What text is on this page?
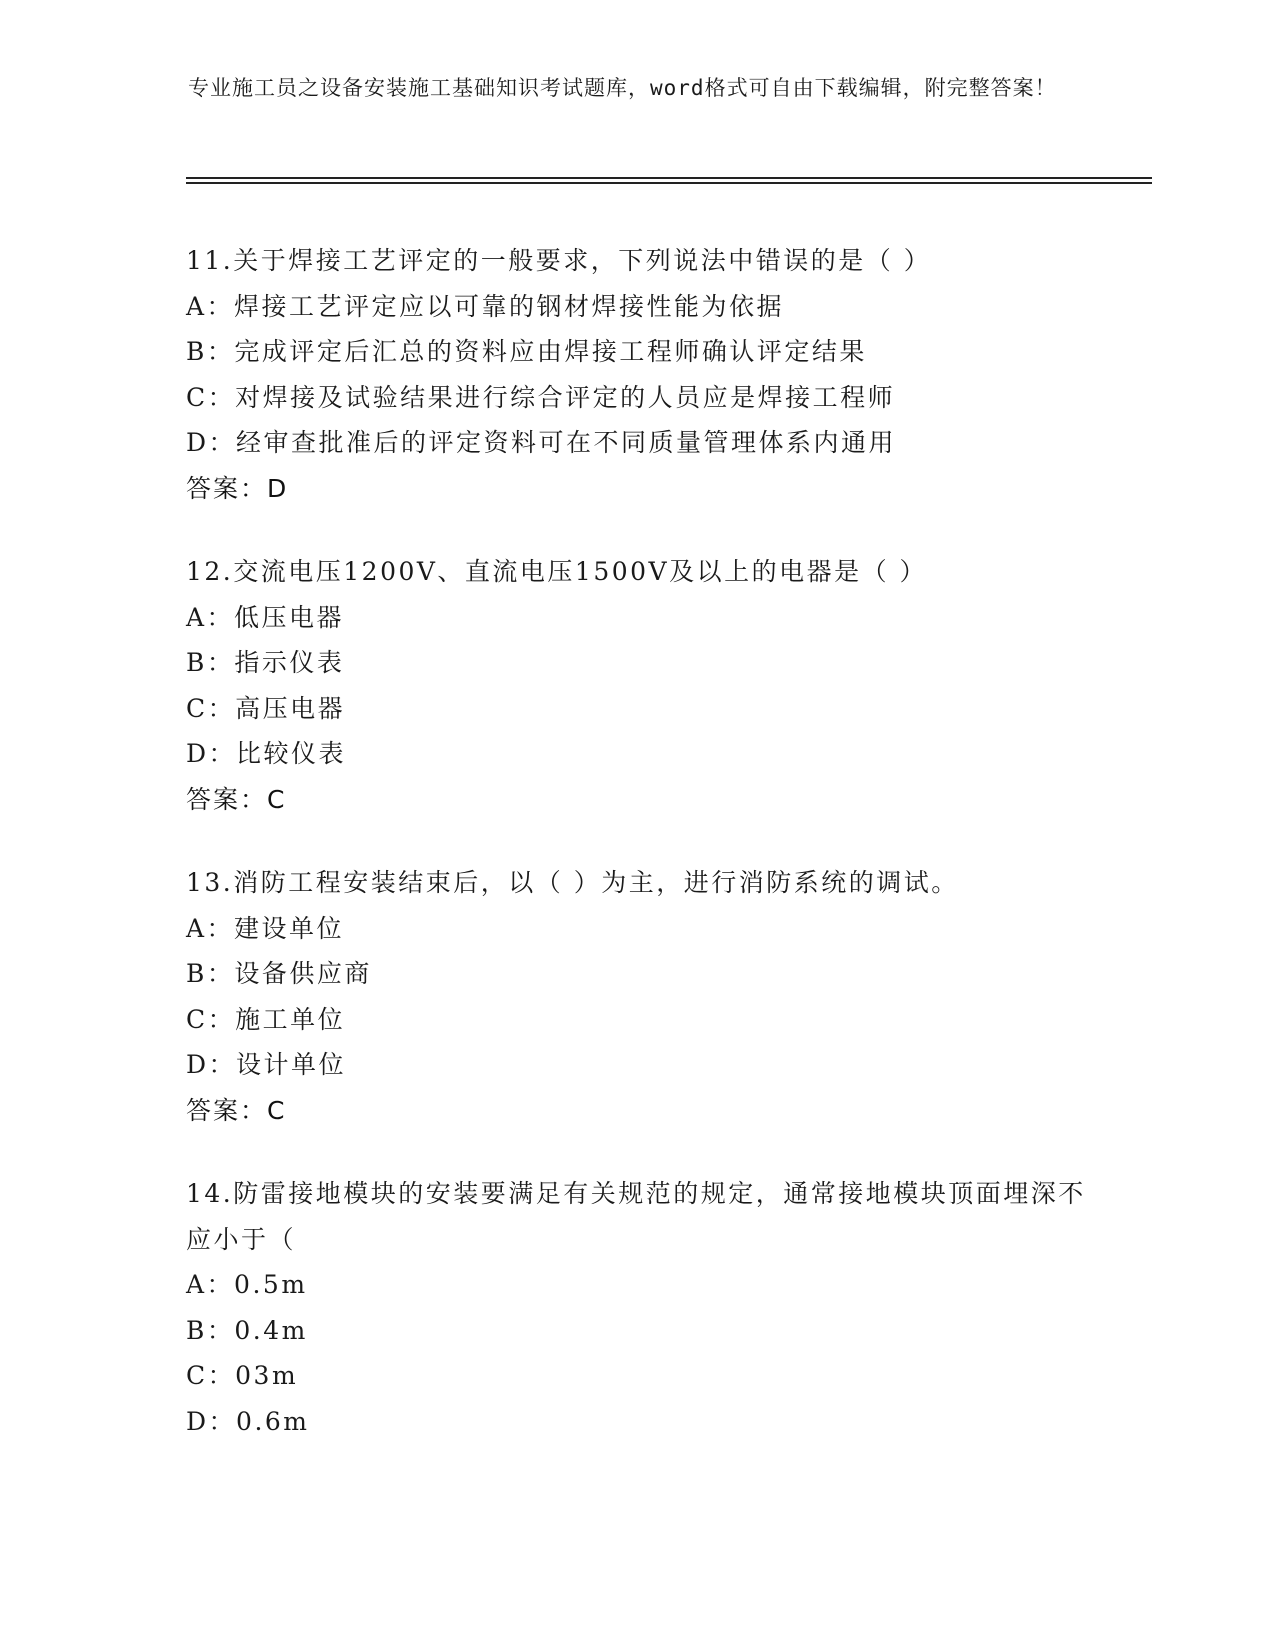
专业施工员之设备安装施工基础知识考试题库，word格式可自由下载编辑，附完整答案！
11.关于焊接工艺评定的一般要求，下列说法中错误的是（ ）
A：焊接工艺评定应以可靠的钢材焊接性能为依据
B：完成评定后汇总的资料应由焊接工程师确认评定结果
C：对焊接及试验结果进行综合评定的人员应是焊接工程师
D：经审查批准后的评定资料可在不同质量管理体系内通用
答案：D
12.交流电压1200V、直流电压1500V及以上的电器是（ ）
A：低压电器
B：指示仪表
C：高压电器
D：比较仪表
答案：C
13.消防工程安装结束后，以（ ）为主，进行消防系统的调试。
A：建设单位
B：设备供应商
C：施工单位
D：设计单位
答案：C
14.防雷接地模块的安装要满足有关规范的规定，通常接地模块顶面埋深不应小于（
A：0.5m
B：0.4m
C：03m
D：0.6m
